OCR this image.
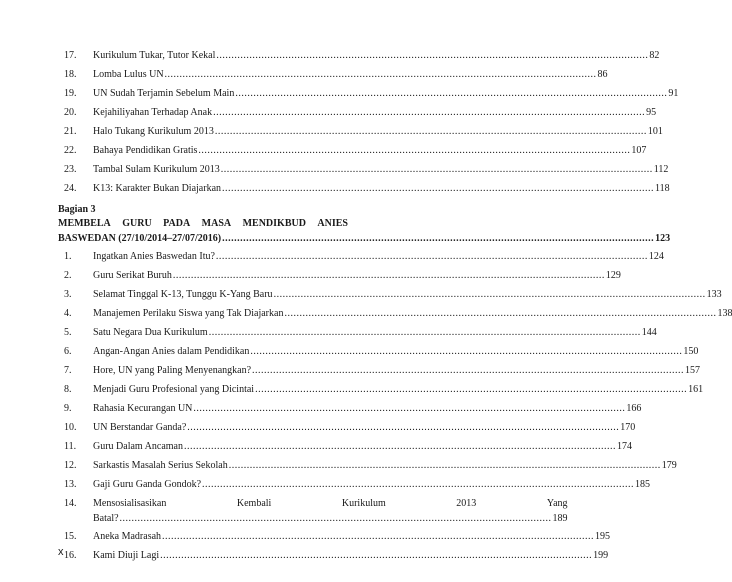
17.	Kurikulum Tukar, Tutor Kekal .....	82
18.	Lomba Lulus UN .....	86
19.	UN Sudah Terjamin Sebelum Main .....	91
20.	Kejahiliyahan Terhadap Anak .....	95
21.	Halo Tukang Kurikulum 2013 .....	101
22.	Bahaya Pendidikan Gratis .....	107
23.	Tambal Sulam Kurikulum 2013 .....	112
24.	K13: Karakter Bukan Diajarkan .....	118
Bagian 3
MEMBELA GURU PADA MASA MENDIKBUD ANIES
BASWEDAN (27/10/2014–27/07/2016) .....	123
1.	Ingatkan Anies Baswedan Itu? .....	124
2.	Guru Serikat Buruh .....	129
3.	Selamat Tinggal K-13, Tunggu K-Yang Baru .....	133
4.	Manajemen Perilaku Siswa yang Tak Diajarkan .....	138
5.	Satu Negara Dua Kurikulum .....	144
6.	Angan-Angan Anies dalam Pendidikan .....	150
7.	Hore, UN yang Paling Menyenangkan? .....	157
8.	Menjadi Guru Profesional yang Dicintai .....	161
9.	Rahasia Kecurangan UN .....	166
10.	UN Berstandar Ganda? .....	170
11.	Guru Dalam Ancaman .....	174
12.	Sarkastis Masalah Serius Sekolah .....	179
13.	Gaji Guru Ganda Gondok? .....	185
14.	Mensosialisasikan	Kembali	Kurikulum	2013	Yang
Batal? .....	189
15.	Aneka Madrasah .....	195
16.	Kami Diuji Lagi .....	199
x
